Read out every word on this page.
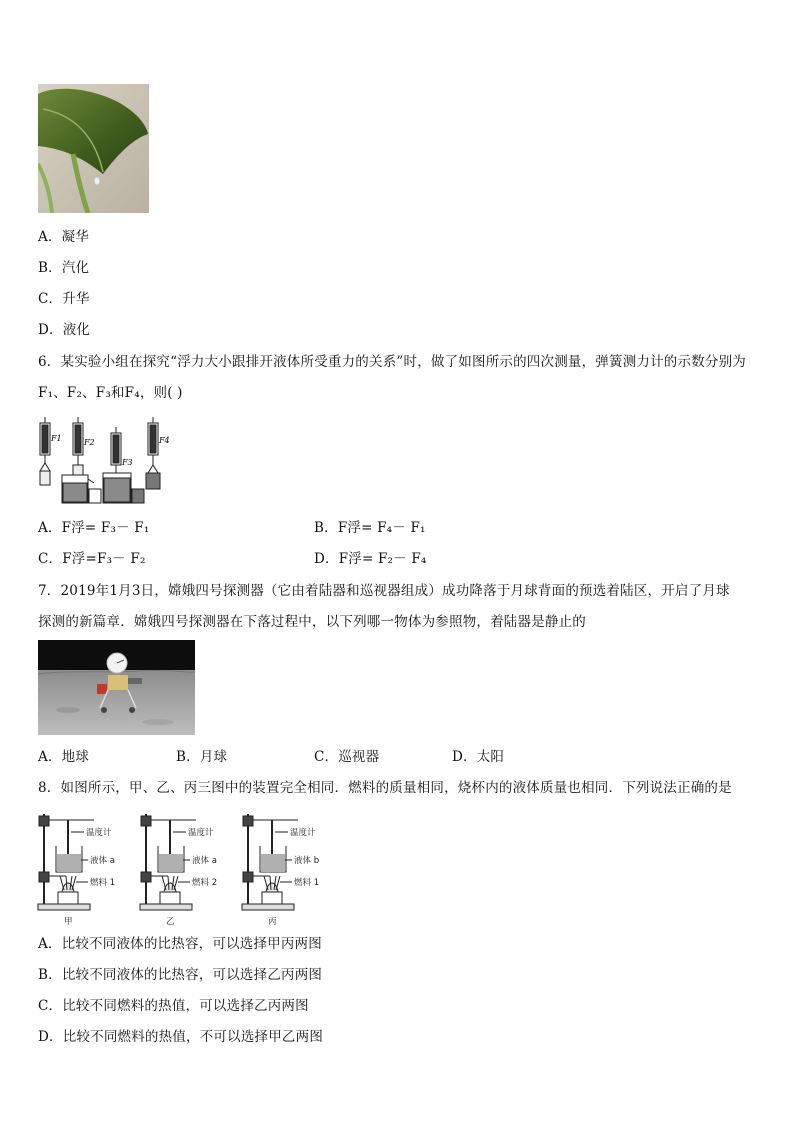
A．凝华
B．汽化
C．升华
D．液化
6．某实验小组在探究“浮力大小跟排开液体所受重力的关系”时，做了如图所示的四次测量，弹簧测力计的示数分别为
F₁、F₂、F₃和F₄，则( )
F1	F2
F3
F4
A．F浮= F₃－ F₁	B．F浮= F₄－ F₁
C．F浮=F₃－ F₂	D．F浮= F₂－ F₄
7．2019年1月3日，嫦娥四号探测器（它由着陆器和巡视器组成）成功降落于月球背面的预选着陆区，开启了月球
探测的新篇章．嫦娥四号探测器在下落过程中，以下列哪一物体为参照物，着陆器是静止的
A．地球	B．月球	C．巡视器	D．太阳
8．如图所示，甲、乙、丙三图中的装置完全相同．燃料的质量相同，烧杯内的液体质量也相同．下列说法正确的是
温度计
液体 a
燃料 1
甲
温度计
液体 a
燃料 2
乙
温度计
液体 b
燃料 1
丙
A．比较不同液体的比热容，可以选择甲丙两图
B．比较不同液体的比热容，可以选择乙丙两图
C．比较不同燃料的热值，可以选择乙丙两图
D．比较不同燃料的热值，不可以选择甲乙两图
